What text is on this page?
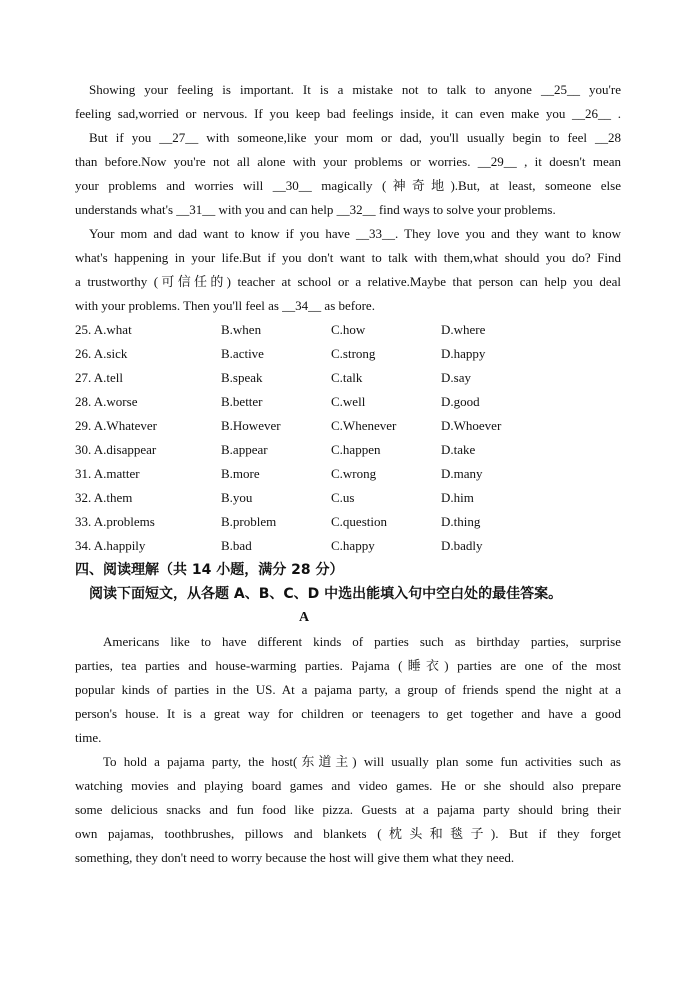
Showing your feeling is important. It is a mistake not to talk to anyone __25__ you're
feeling sad,worried or nervous. If you keep bad feelings inside, it can even make you __26__ .
But if you __27__ with someone,like your mom or dad, you'll usually begin to feel __28
than before.Now you're not all alone with your problems or worries. __29__ , it doesn't mean
your problems and worries will __30__ magically (神奇地).But, at least, someone else
understands what's __31__ with you and can help __32__ find ways to solve your problems.
Your mom and dad want to know if you have __33__. They love you and they want to know
what's happening in your life.But if you don't want to talk with them,what should you do? Find
a trustworthy (可信任的) teacher at school or a relative.Maybe that person can help you deal
with your problems. Then you'll feel as __34__ as before.
25. A.what	B.when	C.how	D.where
26. A.sick	B.active	C.strong	D.happy
27. A.tell	B.speak	C.talk	D.say
28. A.worse	B.better	C.well	D.good
29. A.Whatever	B.However	C.Whenever	D.Whoever
30. A.disappear	B.appear	C.happen	D.take
31. A.matter	B.more	C.wrong	D.many
32. A.them	B.you	C.us	D.him
33. A.problems	B.problem	C.question	D.thing
34. A.happily	B.bad	C.happy	D.badly
四、阅读理解（共 14 小题，满分 28 分）
阅读下面短文，从各题 A、B、C、D 中选出能填入句中空白处的最佳答案。
A
Americans like to have different kinds of parties such as birthday parties, surprise
parties, tea parties and house-warming parties. Pajama (睡衣) parties are one of the most
popular kinds of parties in the US. At a pajama party, a group of friends spend the night at a
person's house. It is a great way for children or teenagers to get together and have a good
time.
To hold a pajama party, the host(东道主) will usually plan some fun activities such as
watching movies and playing board games and video games. He or she should also prepare
some delicious snacks and fun food like pizza. Guests at a pajama party should bring their
own pajamas, toothbrushes, pillows and blankets (枕头和毯子). But if they forget
something, they don't need to worry because the host will give them what they need.
